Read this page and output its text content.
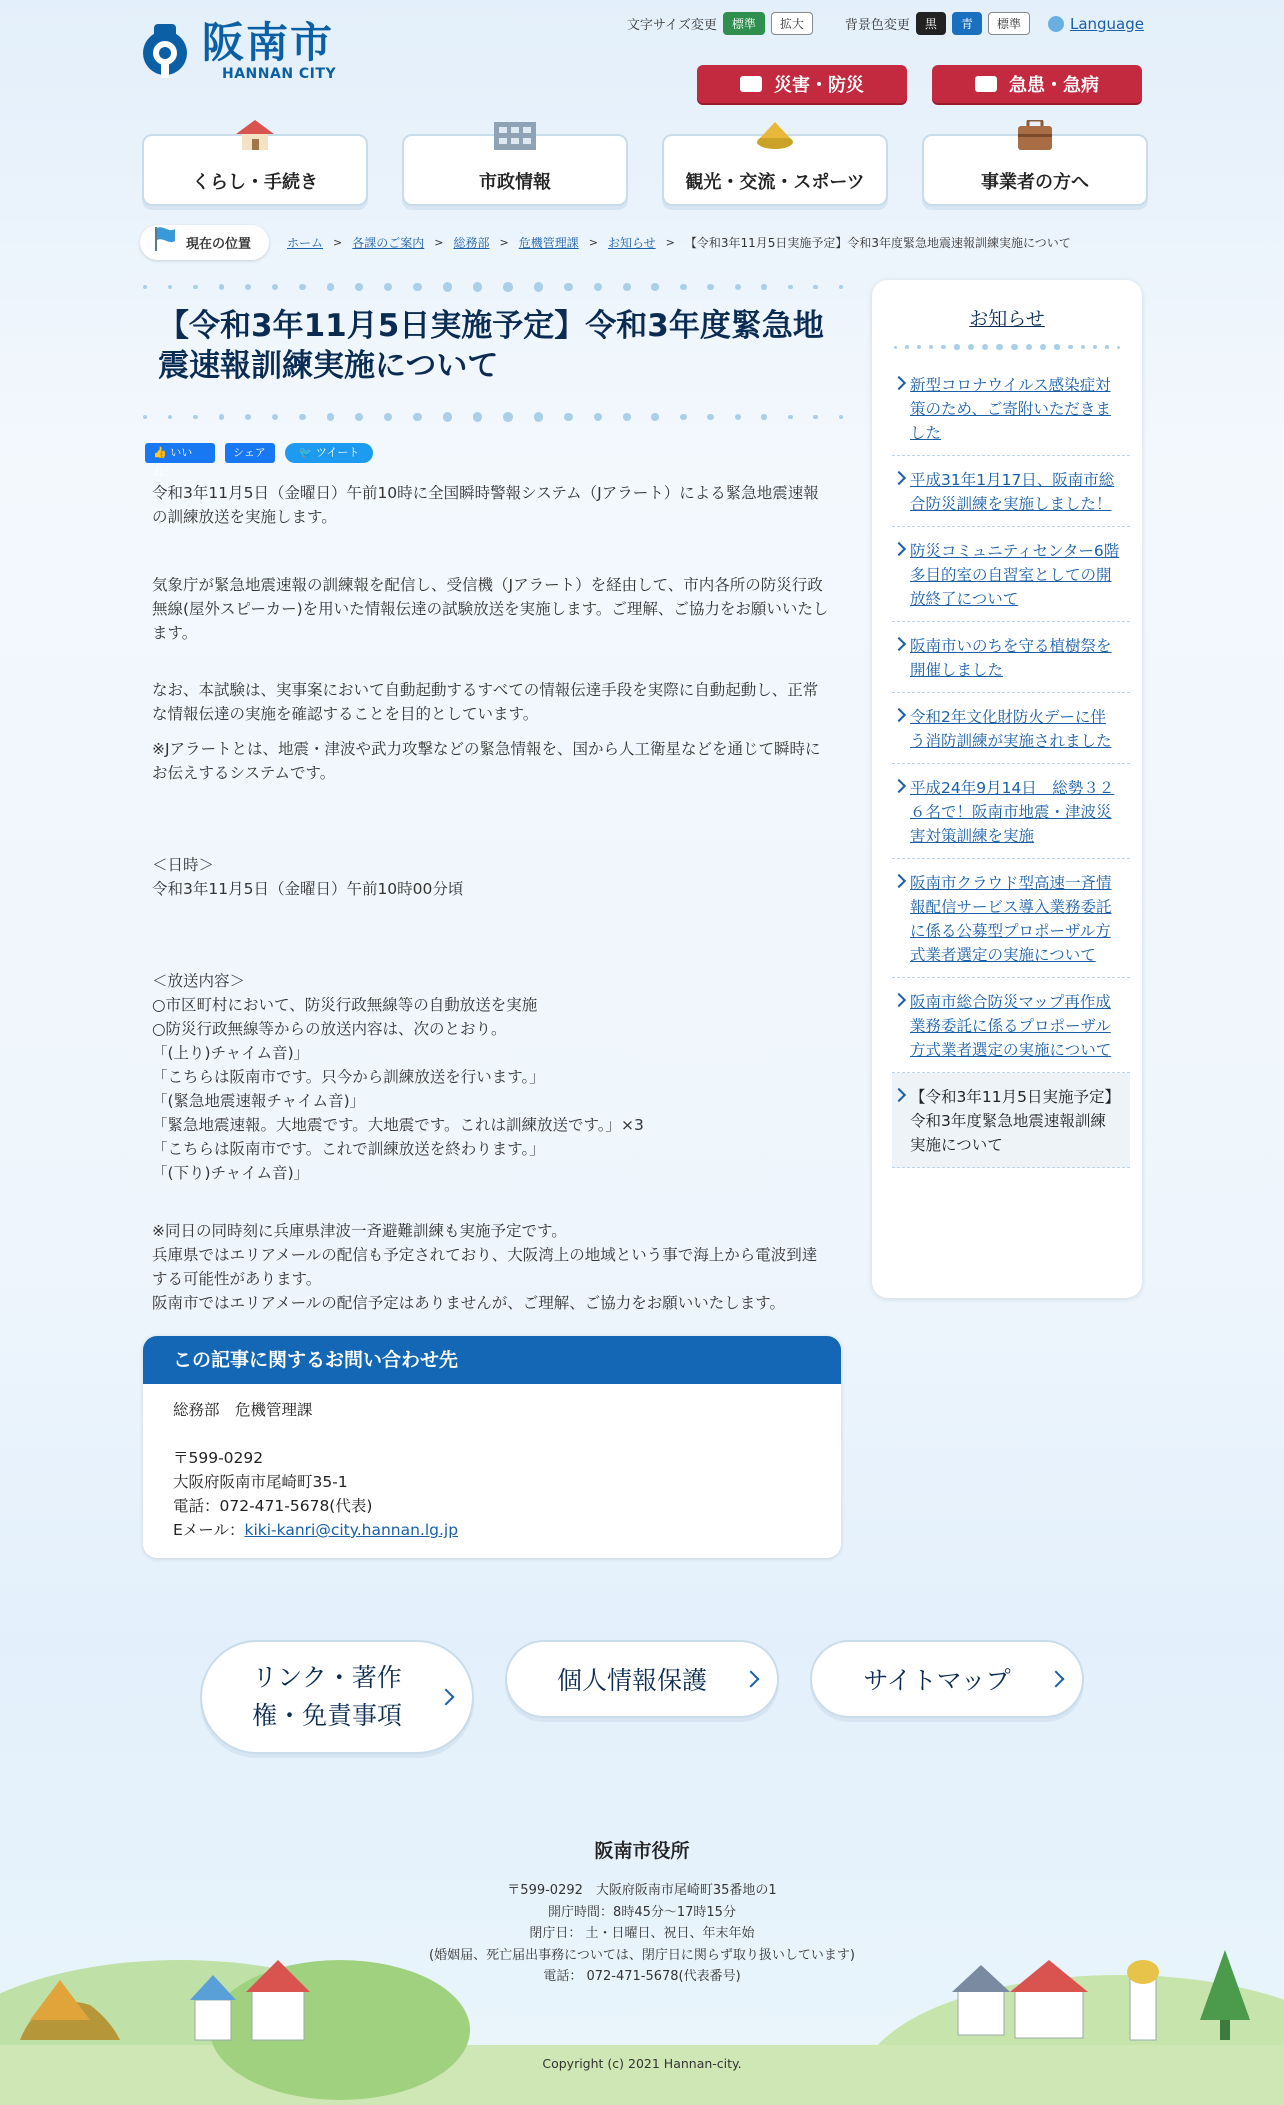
阪南市
HANNAN CITY
文字サイズ変更	標準	拡大	背景色変更	黒	青	標準	Language
災害・防災	急患・急病
くらし・手続き	市政情報	観光・交流・スポーツ	事業者の方へ
現在の位置	ホーム > 各課のご案内 > 総務部 > 危機管理課 > お知らせ > 【令和3年11月5日実施予定】令和3年度緊急地震速報訓練実施について
【令和3年11月5日実施予定】令和3年度緊急地震速報訓練実施について
👍 いいね！
シェア	🐦 ツイート

令和3年11月5日（金曜日）午前10時に全国瞬時警報システム（Jアラート）による緊急地震速報の訓練放送を実施します。

気象庁が緊急地震速報の訓練報を配信し、受信機（Jアラート）を経由して、市内各所の防災行政無線(屋外スピーカー)を用いた情報伝達の試験放送を実施します。ご理解、ご協力をお願いいたします。

なお、本試験は、実事案において自動起動するすべての情報伝達手段を実際に自動起動し、正常な情報伝達の実施を確認することを目的としています。

※Jアラートとは、地震・津波や武力攻撃などの緊急情報を、国から人工衛星などを通じて瞬時にお伝えするシステムです。

＜日時＞

令和3年11月5日（金曜日）午前10時00分頃

＜放送内容＞

○市区町村において、防災行政無線等の自動放送を実施

○防災行政無線等からの放送内容は、次のとおり。

「(上り)チャイム音)」

「こちらは阪南市です。只今から訓練放送を行います。」

「(緊急地震速報チャイム音)」

「緊急地震速報。大地震です。大地震です。これは訓練放送です。」×3

「こちらは阪南市です。これで訓練放送を終わります。」

「(下り)チャイム音)」

※同日の同時刻に兵庫県津波一斉避難訓練も実施予定です。

兵庫県ではエリアメールの配信も予定されており、大阪湾上の地域という事で海上から電波到達する可能性があります。

阪南市ではエリアメールの配信予定はありませんが、ご理解、ご協力をお願いいたします。

この記事に関するお問い合わせ先
総務部　危機管理課
〒599-0292
大阪府阪南市尾崎町35-1
電話：072-471-5678(代表)
Eメール：kiki-kanri@city.hannan.lg.jp
お知らせ
新型コロナウイルス感染症対策のため、ご寄附いただきました
平成31年1月17日、阪南市総合防災訓練を実施しました！
防災コミュニティセンター6階多目的室の自習室としての開放終了について
阪南市いのちを守る植樹祭を開催しました
令和2年文化財防火デーに伴う消防訓練が実施されました
平成24年9月14日　総勢３２６名で！阪南市地震・津波災害対策訓練を実施
阪南市クラウド型高速一斉情報配信サービス導入業務委託に係る公募型プロポーザル方式業者選定の実施について
阪南市総合防災マップ再作成業務委託に係るプロポーザル方式業者選定の実施について
【令和3年11月5日実施予定】令和3年度緊急地震速報訓練実施について
リンク・著作権・免責事項
個人情報保護	サイトマップ
阪南市役所
〒599-0292　大阪府阪南市尾崎町35番地の1
開庁時間：8時45分～17時15分
閉庁日： 土・日曜日、祝日、年末年始
(婚姻届、死亡届出事務については、閉庁日に関らず取り扱いしています)
電話： 072-471-5678(代表番号)
Copyright (c) 2021 Hannan-city.
